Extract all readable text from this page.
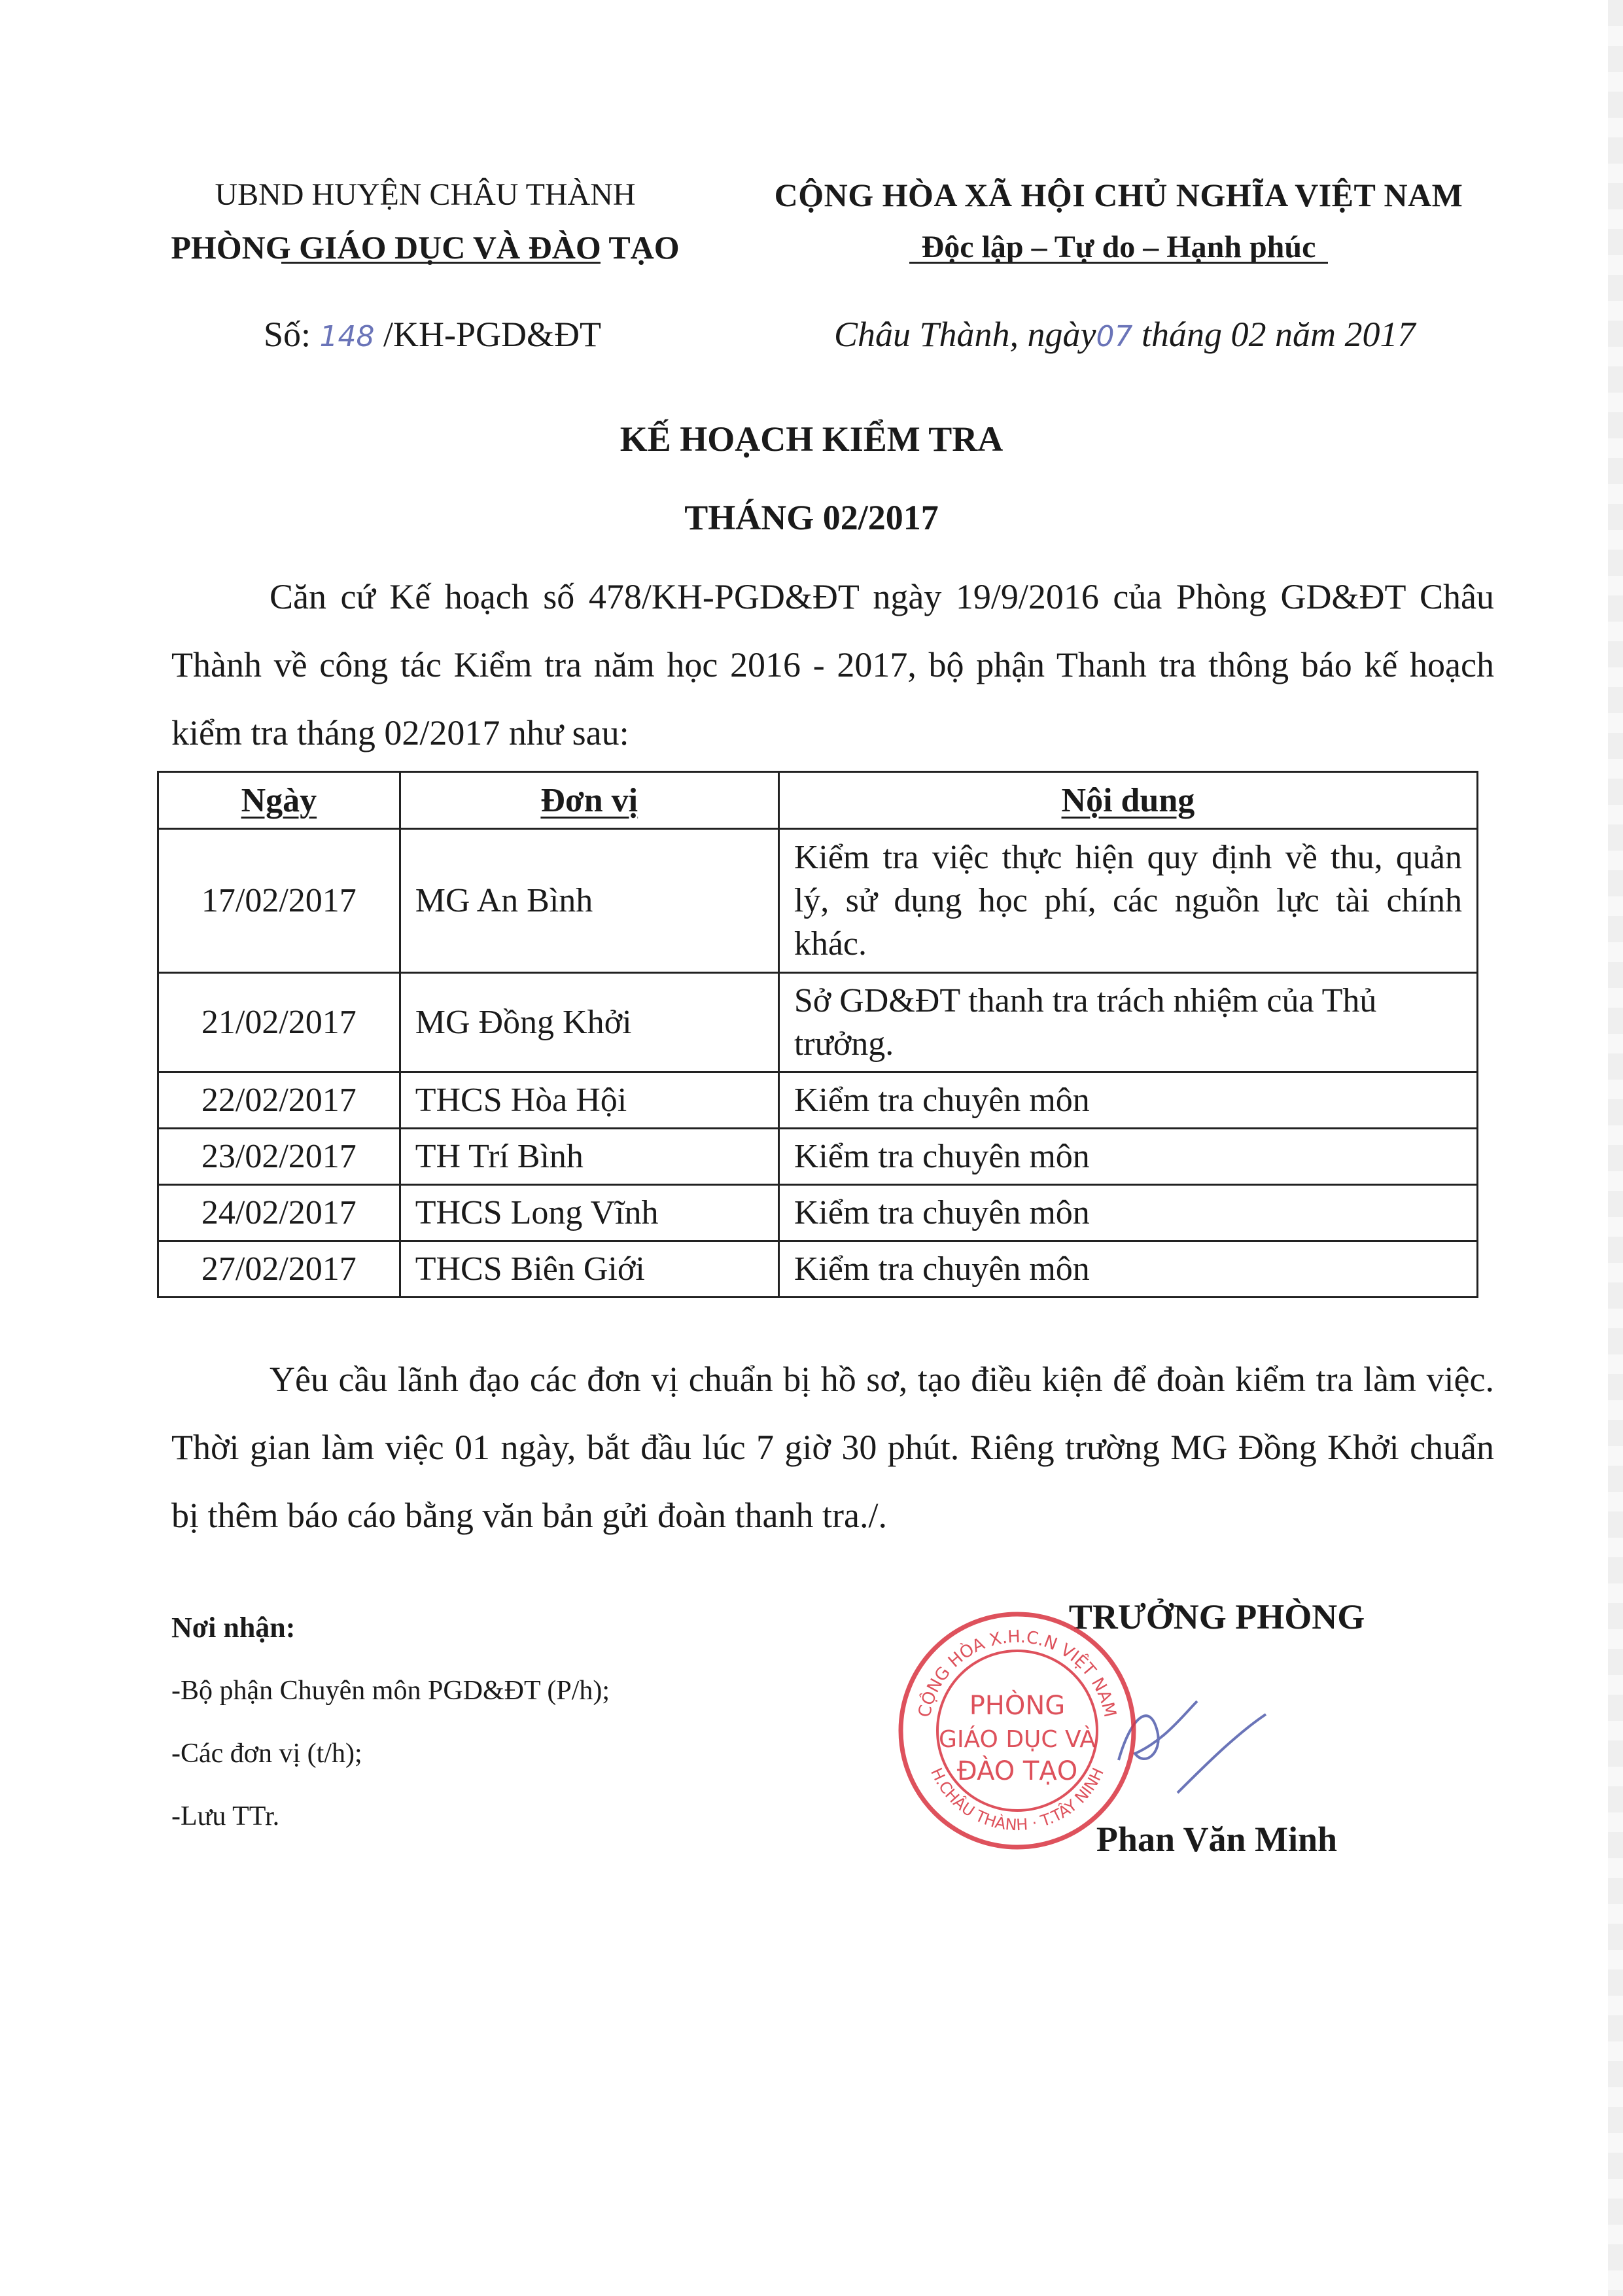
UBND HUYỆN CHÂU THÀNH
PHÒNG GIÁO DỤC VÀ ĐÀO TẠO
CỘNG HÒA XÃ HỘI CHỦ NGHĨA VIỆT NAM
Độc lập – Tự do – Hạnh phúc
Số: 148 /KH-PGD&ĐT	Châu Thành, ngày07 tháng 02 năm 2017
KẾ HOẠCH KIỂM TRA
THÁNG 02/2017
Căn cứ Kế hoạch số 478/KH-PGD&ĐT ngày 19/9/2016 của Phòng GD&ĐT Châu Thành về công tác Kiểm tra năm học 2016 - 2017, bộ phận Thanh tra thông báo kế hoạch kiểm tra tháng 02/2017 như sau:
Ngày	Đơn vị	Nội dung
17/02/2017	MG An Bình	Kiểm tra việc thực hiện quy định về thu, quản lý, sử dụng học phí, các nguồn lực tài chính khác.
21/02/2017	MG Đồng Khởi	Sở GD&ĐT thanh tra trách nhiệm của Thủ trưởng.
22/02/2017	THCS Hòa Hội	Kiểm tra chuyên môn
23/02/2017	TH Trí Bình	Kiểm tra chuyên môn
24/02/2017	THCS Long Vĩnh	Kiểm tra chuyên môn
27/02/2017	THCS Biên Giới	Kiểm tra chuyên môn
Yêu cầu lãnh đạo các đơn vị chuẩn bị hồ sơ, tạo điều kiện để đoàn kiểm tra làm việc. Thời gian làm việc 01 ngày, bắt đầu lúc 7 giờ 30 phút. Riêng trường MG Đồng Khởi chuẩn bị thêm báo cáo bằng văn bản gửi đoàn thanh tra./.
Nơi nhận:
-Bộ phận Chuyên môn PGD&ĐT (P/h);
-Các đơn vị (t/h);
-Lưu TTr.
TRƯỞNG PHÒNG
CỘNG HÒA X.H.C.N VIỆT NAM
H.CHÂU THÀNH · T.TÂY NINH
PHÒNG
GIÁO DỤC VÀ
ĐÀO TẠO
Phan Văn Minh
